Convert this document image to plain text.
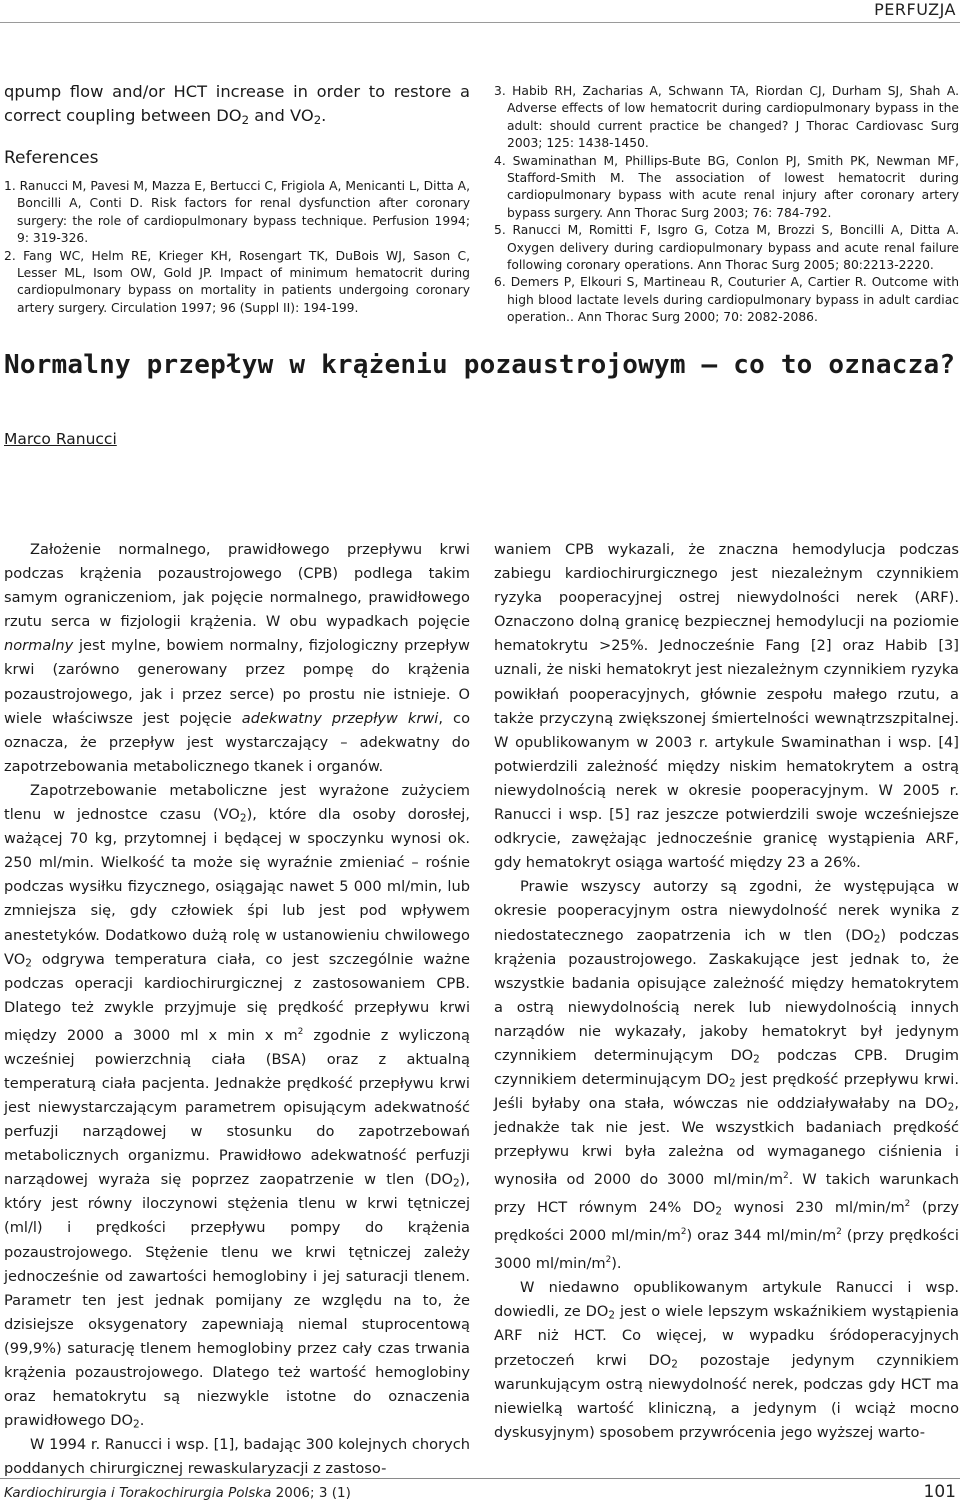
PERFUZJA
qpump flow and/or HCT increase in order to restore a correct coupling between $DO_2$ and $VO_2$.
References
1. Ranucci M, Pavesi M, Mazza E, Bertucci C, Frigiola A, Menicanti L, Ditta A, Boncilli A, Conti D. Risk factors for renal dysfunction after coronary surgery: the role of cardiopulmonary bypass technique. Perfusion 1994; 9: 319-326.
2. Fang WC, Helm RE, Krieger KH, Rosengart TK, DuBois WJ, Sason C, Lesser ML, Isom OW, Gold JP. Impact of minimum hematocrit during cardiopulmonary bypass on mortality in patients undergoing coronary artery surgery. Circulation 1997; 96 (Suppl II): 194-199.
3. Habib RH, Zacharias A, Schwann TA, Riordan CJ, Durham SJ, Shah A. Adverse effects of low hematocrit during cardiopulmonary bypass in the adult: should current practice be changed? J Thorac Cardiovasc Surg 2003; 125: 1438-1450.
4. Swaminathan M, Phillips-Bute BG, Conlon PJ, Smith PK, Newman MF, Stafford-Smith M. The association of lowest hematocrit during cardiopulmonary bypass with acute renal injury after coronary artery bypass surgery. Ann Thorac Surg 2003; 76: 784-792.
5. Ranucci M, Romitti F, Isgro G, Cotza M, Brozzi S, Boncilli A, Ditta A. Oxygen delivery during cardiopulmonary bypass and acute renal failure following coronary operations. Ann Thorac Surg 2005; 80:2213-2220.
6. Demers P, Elkouri S, Martineau R, Couturier A, Cartier R. Outcome with high blood lactate levels during cardiopulmonary bypass in adult cardiac operation.. Ann Thorac Surg 2000; 70: 2082-2086.
Normalny przepływ w krążeniu pozaustrojowym – co to oznacza?
Marco Ranucci

Założenie normalnego, prawidłowego przepływu krwi podczas krążenia pozaustrojowego (CPB) podlega takim samym ograniczeniom, jak pojęcie normalnego, prawidłowego rzutu serca w fizjologii krążenia. W obu wypadkach pojęcie normalny jest mylne, bowiem normalny, fizjologiczny przepływ krwi (zarówno generowany przez pompę do krążenia pozaustrojowego, jak i przez serce) po prostu nie istnieje. O wiele właściwsze jest pojęcie adekwatny przepływ krwi, co oznacza, że przepływ jest wystarczający – adekwatny do zapotrzebowania metabolicznego tkanek i organów.

Zapotrzebowanie metaboliczne jest wyrażone zużyciem tlenu w jednostce czasu $(VO_2)$, które dla osoby dorosłej, ważącej 70 kg, przytomnej i będącej w spoczynku wynosi ok. 250 ml/min. Wielkość ta może się wyraźnie zmieniać – rośnie podczas wysiłku fizycznego, osiągając nawet 5 000 ml/min, lub zmniejsza się, gdy człowiek śpi lub jest pod wpływem anestetyków. Dodatkowo dużą rolę w ustanowieniu chwilowego $VO_2$ odgrywa temperatura ciała, co jest szczególnie ważne podczas operacji kardiochirurgicznej z zastosowaniem CPB. Dlatego też zwykle przyjmuje się prędkość przepływu krwi między 2000 a 3000 ml x min x $m^2$ zgodnie z wyliczoną wcześniej powierzchnią ciała (BSA) oraz z aktualną temperaturą ciała pacjenta. Jednakże prędkość przepływu krwi jest niewystarczającym parametrem opisującym adekwatność perfuzji narządowej w stosunku do zapotrzebowań metabolicznych organizmu. Prawidłowo adekwatność perfuzji narządowej wyraża się poprzez zaopatrzenie w tlen $(DO_2)$, który jest równy iloczynowi stężenia tlenu w krwi tętniczej (ml/l) i prędkości przepływu pompy do krążenia pozaustrojowego. Stężenie tlenu we krwi tętniczej zależy jednocześnie od zawartości hemoglobiny i jej saturacji tlenem. Parametr ten jest jednak pomijany ze względu na to, że dzisiejsze oksygenatory zapewniają niemal stuprocentową (99,9%) saturację tlenem hemoglobiny przez cały czas trwania krążenia pozaustrojowego. Dlatego też wartość hemoglobiny oraz hematokrytu są niezwykle istotne do oznaczenia prawidłowego $DO_2$.

W 1994 r. Ranucci i wsp. [1], badając 300 kolejnych chorych poddanych chirurgicznej rewaskularyzacji z zastoso-

waniem CPB wykazali, że znaczna hemodylucja podczas zabiegu kardiochirurgicznego jest niezależnym czynnikiem ryzyka pooperacyjnej ostrej niewydolności nerek (ARF). Oznaczono dolną granicę bezpiecznej hemodylucji na poziomie hematokrytu >25%. Jednocześnie Fang [2] oraz Habib [3] uznali, że niski hematokryt jest niezależnym czynnikiem ryzyka powikłań pooperacyjnych, głównie zespołu małego rzutu, a także przyczyną zwiększonej śmiertelności wewnątrzszpitalnej. W opublikowanym w 2003 r. artykule Swaminathan i wsp. [4] potwierdzili zależność między niskim hematokrytem a ostrą niewydolnością nerek w okresie pooperacyjnym. W 2005 r. Ranucci i wsp. [5] raz jeszcze potwierdzili swoje wcześniejsze odkrycie, zawężając jednocześnie granicę wystąpienia ARF, gdy hematokryt osiąga wartość między 23 a 26%.

Prawie wszyscy autorzy są zgodni, że występująca w okresie pooperacyjnym ostra niewydolność nerek wynika z niedostatecznego zaopatrzenia ich w tlen $(DO_2)$ podczas krążenia pozaustrojowego. Zaskakujące jest jednak to, że wszystkie badania opisujące zależność między hematokrytem a ostrą niewydolnością nerek lub niewydolnością innych narządów nie wykazały, jakoby hematokryt był jedynym czynnikiem determinującym $DO_2$ podczas CPB. Drugim czynnikiem determinującym $DO_2$ jest prędkość przepływu krwi. Jeśli byłaby ona stała, wówczas nie oddziaływałaby na $DO_2$, jednakże tak nie jest. We wszystkich badaniach prędkość przepływu krwi była zależna od wymaganego ciśnienia i wynosiła od 2000 do 3000 $ml/\min/m^2$. W takich warunkach przy HCT równym 24% $DO_2$ wynosi 230 $ml/\min/m^2$ (przy prędkości 2000 $ml/\min/m^2$) oraz 344 $ml/\min/m^2$ (przy prędkości 3000 $ml/\min/m^2$).

W niedawno opublikowanym artykule Ranucci i wsp. dowiedli, ze $DO_2$ jest o wiele lepszym wskaźnikiem wystąpienia ARF niż HCT. Co więcej, w wypadku śródoperacyjnych przetoczeń krwi $DO_2$ pozostaje jedynym czynnikiem warunkującym ostrą niewydolność nerek, podczas gdy HCT ma niewielką wartość kliniczną, a jedynym (i wciąż mocno dyskusyjnym) sposobem przywrócenia jego wyższej warto-

Kardiochirurgia i Torakochirurgia Polska 2006; 3 (1)	101
